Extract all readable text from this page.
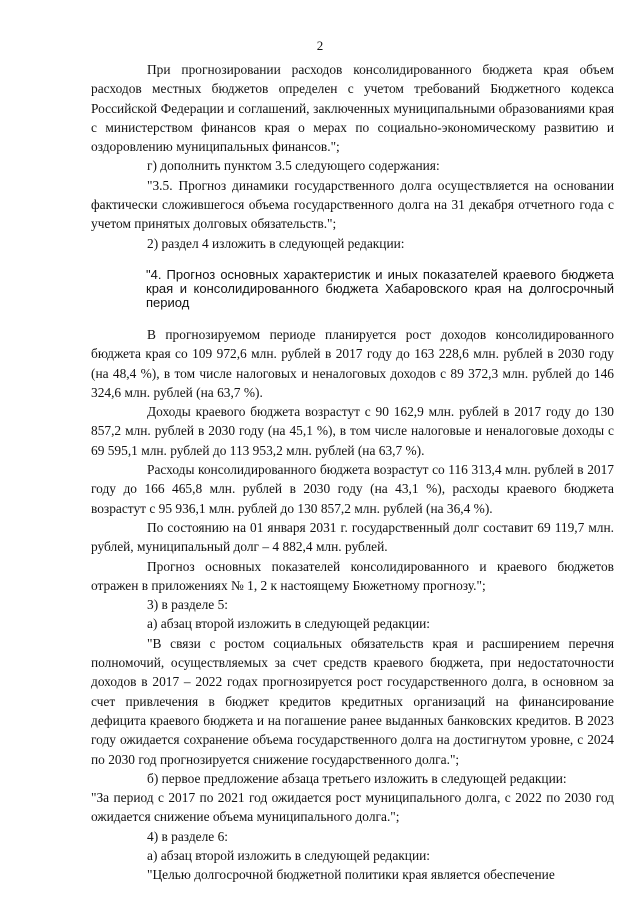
2

При прогнозировании расходов консолидированного бюджета края объем расходов местных бюджетов определен с учетом требований Бюджетного кодекса Российской Федерации и соглашений, заключенных муниципальными образованиями края с министерством финансов края о мерах по социально-экономическому развитию и оздоровлению муниципальных финансов.";

г) дополнить пунктом 3.5 следующего содержания:

"3.5. Прогноз динамики государственного долга осуществляется на основании фактически сложившегося объема государственного долга на 31 декабря отчетного года с учетом принятых долговых обязательств.";

2) раздел 4 изложить в следующей редакции:

"4. Прогноз основных характеристик и иных показателей краевого бюджета края и консолидированного бюджета Хабаровского края на долгосрочный период

В прогнозируемом периоде планируется рост доходов консолидированного бюджета края со 109 972,6 млн. рублей в 2017 году до 163 228,6 млн. рублей в 2030 году (на 48,4 %), в том числе налоговых и неналоговых доходов с 89 372,3 млн. рублей до 146 324,6 млн. рублей (на 63,7 %).

Доходы краевого бюджета возрастут с 90 162,9 млн. рублей в 2017 году до 130 857,2 млн. рублей в 2030 году (на 45,1 %), в том числе налоговые и неналоговые доходы с 69 595,1 млн. рублей до 113 953,2 млн. рублей (на 63,7 %).

Расходы консолидированного бюджета возрастут со 116 313,4 млн. рублей в 2017 году до 166 465,8 млн. рублей в 2030 году (на 43,1 %), расходы краевого бюджета возрастут с 95 936,1 млн. рублей до 130 857,2 млн. рублей (на 36,4 %).

По состоянию на 01 января 2031 г. государственный долг составит 69 119,7 млн. рублей, муниципальный долг – 4 882,4 млн. рублей.

Прогноз основных показателей консолидированного и краевого бюджетов отражен в приложениях № 1, 2 к настоящему Бюжетному прогнозу.";

3) в разделе 5:

а) абзац второй изложить в следующей редакции:

"В связи с ростом социальных обязательств края и расширением перечня полномочий, осуществляемых за счет средств краевого бюджета, при недостаточности доходов в 2017 – 2022 годах прогнозируется рост государственного долга, в основном за счет привлечения в бюджет кредитов кредитных организаций на финансирование дефицита краевого бюджета и на погашение ранее выданных банковских кредитов. В 2023 году ожидается сохранение объема государственного долга на достигнутом уровне, с 2024 по 2030 год прогнозируется снижение государственного долга.";

б) первое предложение абзаца третьего изложить в следующей редакции:

"За период с 2017 по 2021 год ожидается рост муниципального долга, с 2022 по 2030 год ожидается снижение объема муниципального долга.";

4) в разделе 6:

а) абзац второй изложить в следующей редакции:

"Целью долгосрочной бюджетной политики края является обеспечение
